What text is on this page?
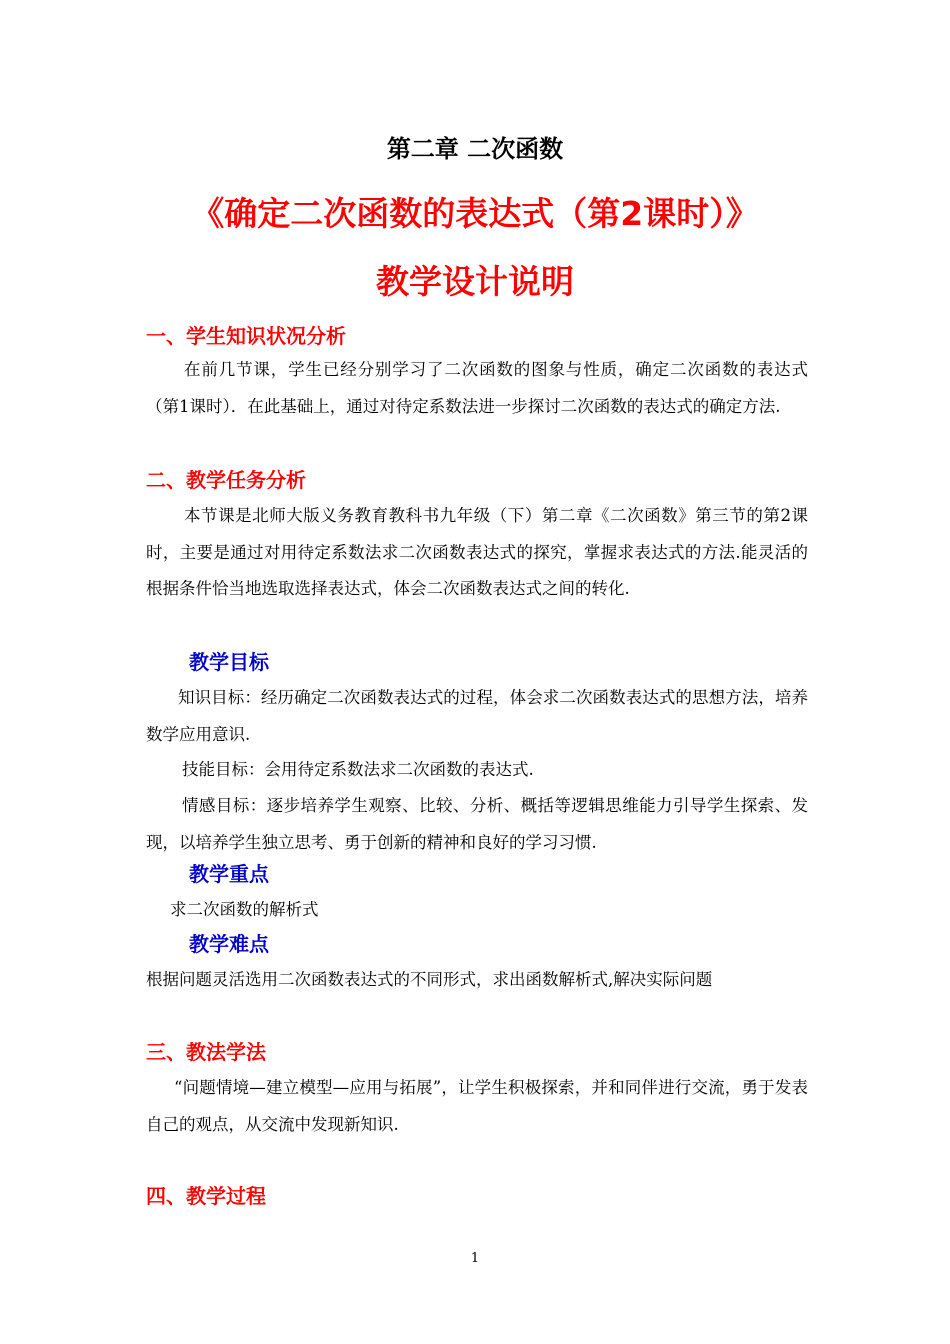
第二章 二次函数
《确定二次函数的表达式（第2课时）》
教学设计说明
一、学生知识状况分析
在前几节课，学生已经分别学习了二次函数的图象与性质，确定二次函数的表达式（第1课时）．在此基础上，通过对待定系数法进一步探讨二次函数的表达式的确定方法.
二、教学任务分析
本节课是北师大版义务教育教科书九年级（下）第二章《二次函数》第三节的第2课时，主要是通过对用待定系数法求二次函数表达式的探究，掌握求表达式的方法.能灵活的根据条件恰当地选取选择表达式，体会二次函数表达式之间的转化.
教学目标
知识目标：经历确定二次函数表达式的过程，体会求二次函数表达式的思想方法，培养数学应用意识.
技能目标：会用待定系数法求二次函数的表达式.
情感目标：逐步培养学生观察、比较、分析、概括等逻辑思维能力引导学生探索、发现，以培养学生独立思考、勇于创新的精神和良好的学习习惯.
教学重点
求二次函数的解析式
教学难点
根据问题灵活选用二次函数表达式的不同形式，求出函数解析式,解决实际问题
三、教法学法
“问题情境—建立模型—应用与拓展”，让学生积极探索，并和同伴进行交流，勇于发表自己的观点，从交流中发现新知识.
四、教学过程
1
